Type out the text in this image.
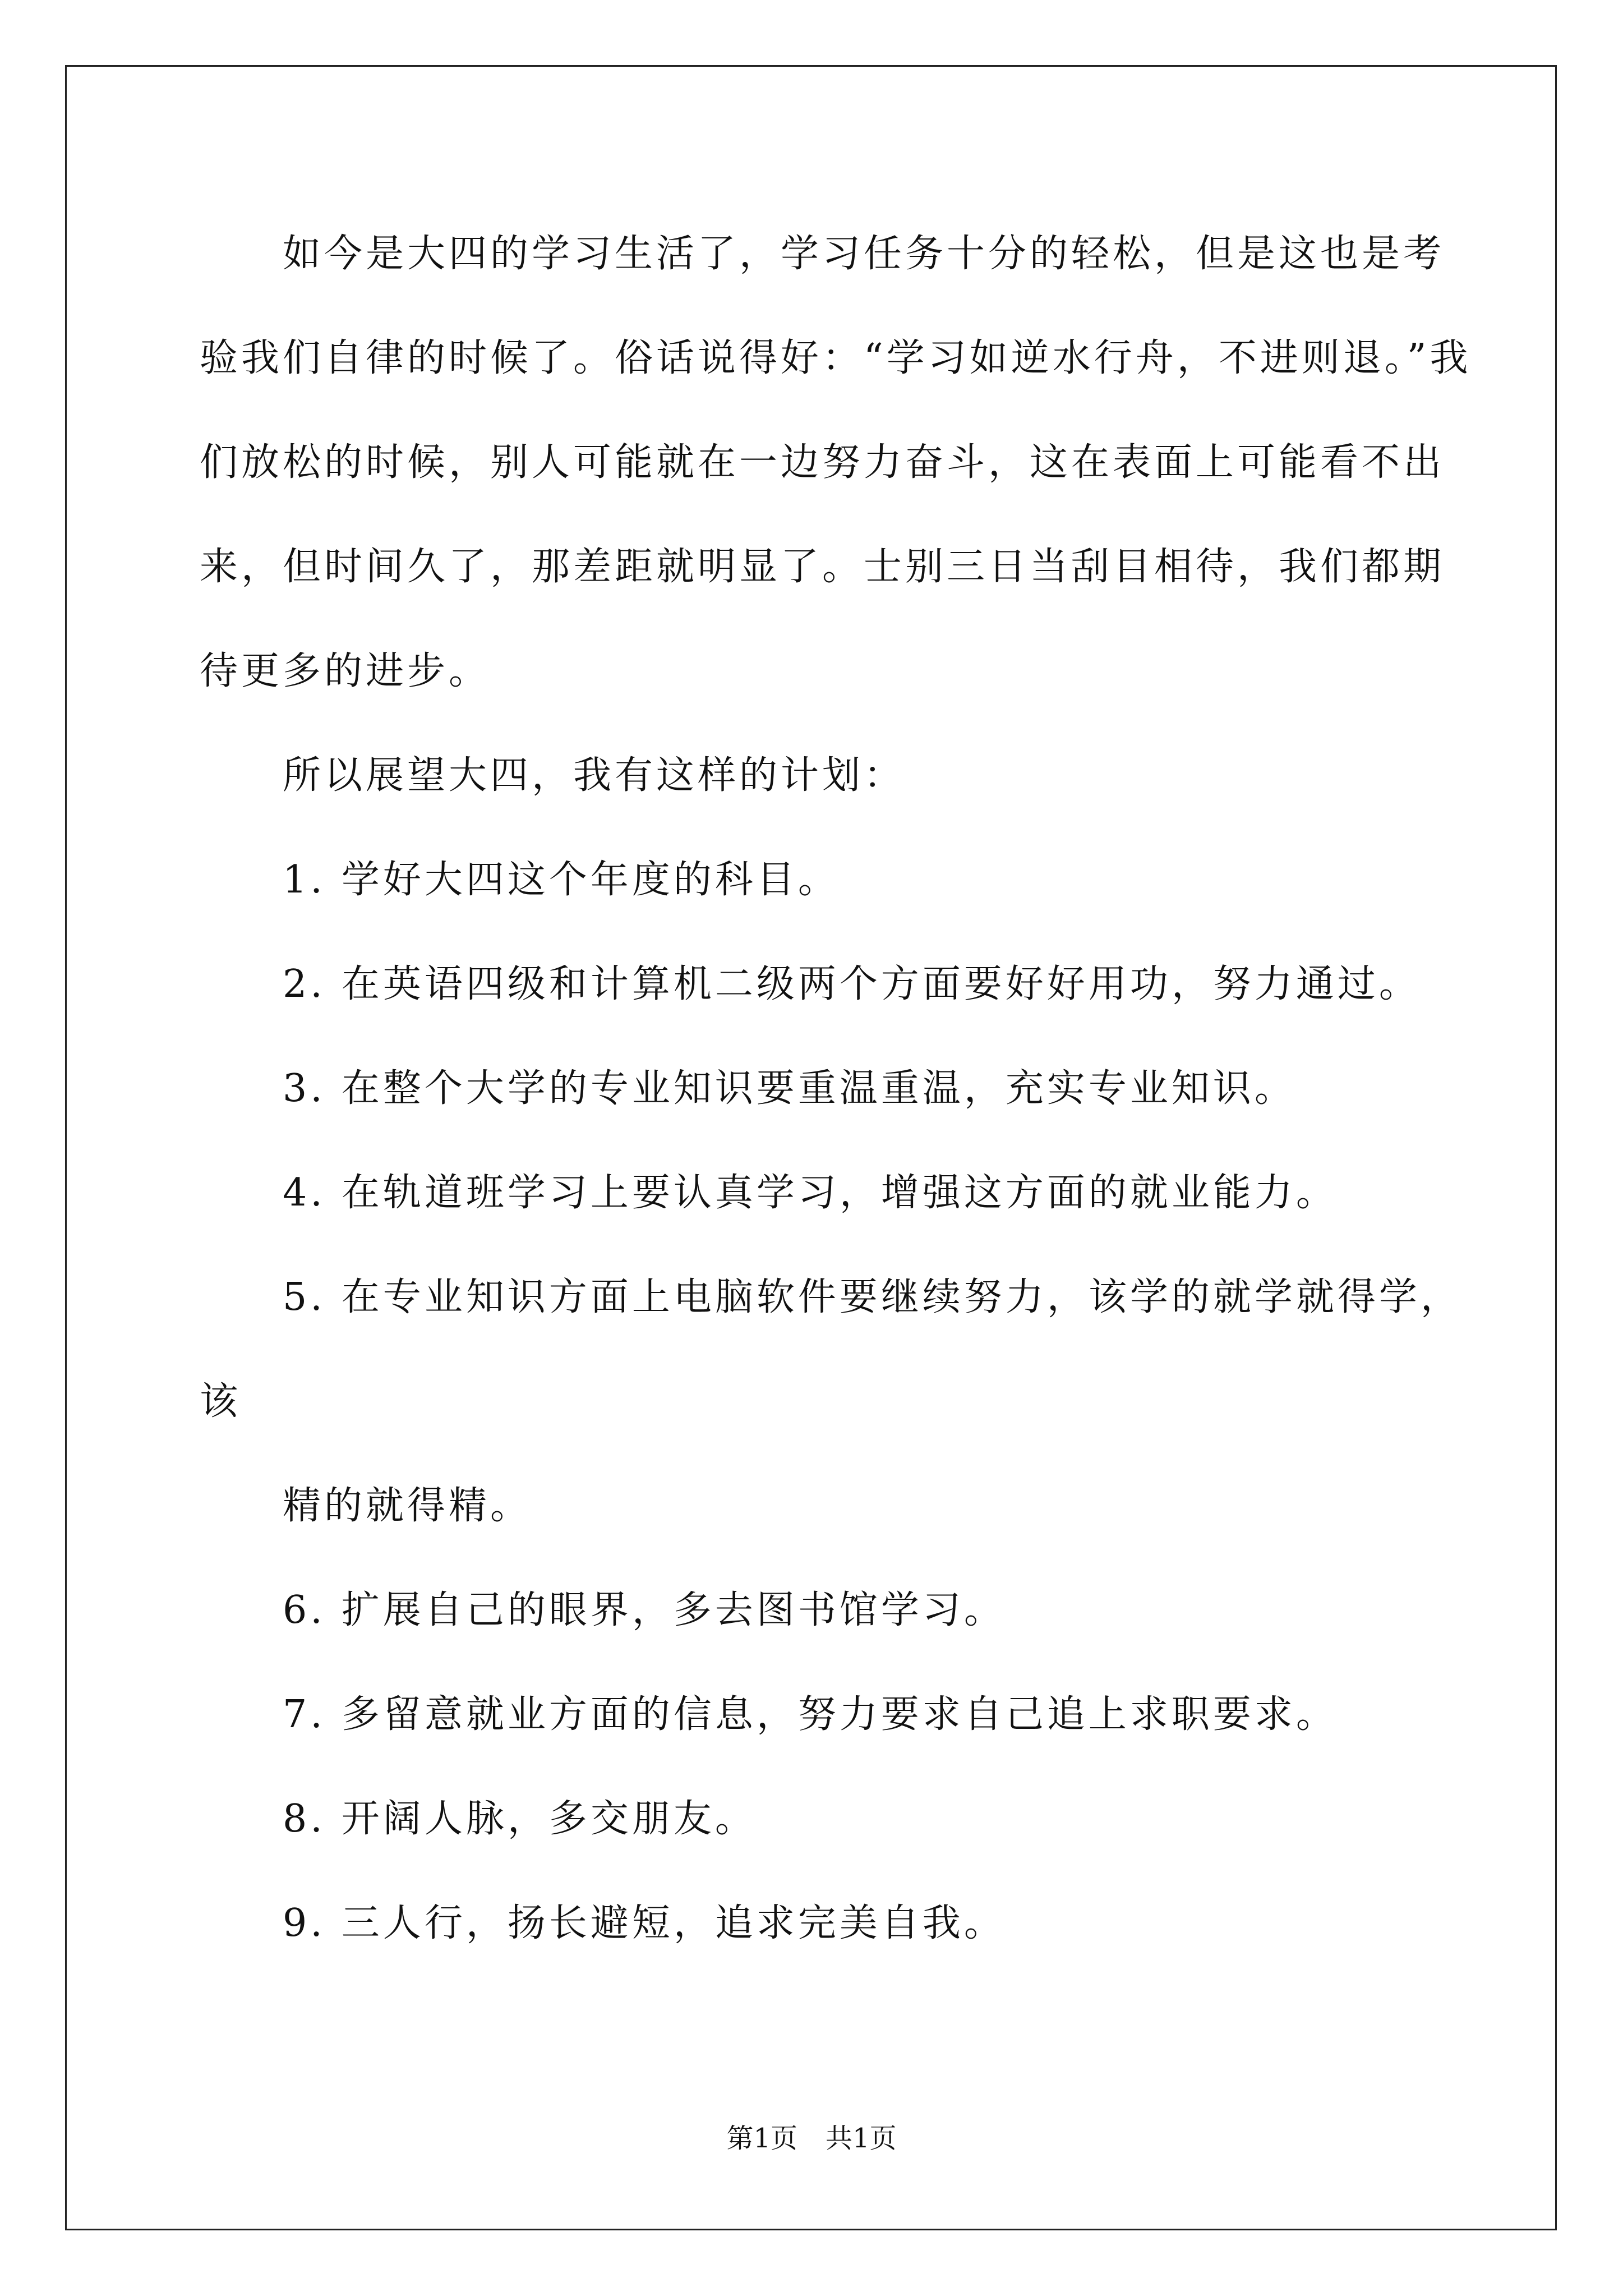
如今是大四的学习生活了，学习任务十分的轻松，但是这也是考验我们自律的时候了。俗话说得好：“学习如逆水行舟，不进则退。”我们放松的时候，别人可能就在一边努力奋斗，这在表面上可能看不出来，但时间久了，那差距就明显了。士别三日当刮目相待，我们都期待更多的进步。

所以展望大四，我有这样的计划：

1. 学好大四这个年度的科目。

2. 在英语四级和计算机二级两个方面要好好用功，努力通过。

3. 在整个大学的专业知识要重温重温，充实专业知识。

4. 在轨道班学习上要认真学习，增强这方面的就业能力。

5. 在专业知识方面上电脑软件要继续努力，该学的就学就得学，

该

精的就得精。

6. 扩展自己的眼界，多去图书馆学习。

7. 多留意就业方面的信息，努力要求自己追上求职要求。

8. 开阔人脉，多交朋友。

9. 三人行，扬长避短，追求完美自我。

第1页 共1页
